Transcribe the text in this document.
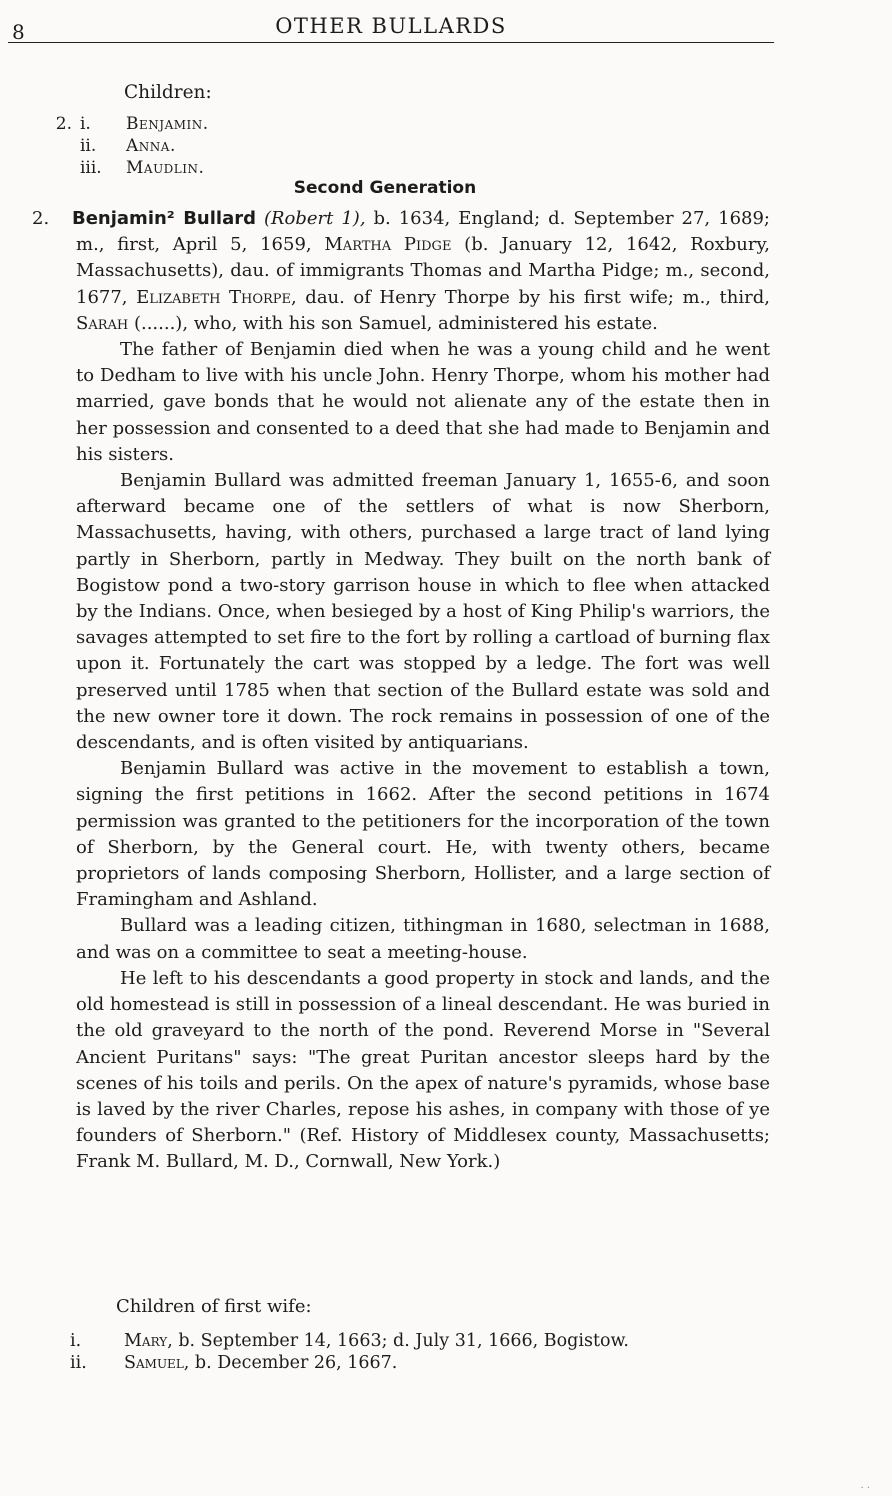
8	OTHER BULLARDS
Children:
2. i.	Benjamin.
ii.	Anna.
iii.	Maudlin.
Second Generation

2. Benjamin² Bullard (Robert 1), b. 1634, England; d. September 27, 1689; m., first, April 5, 1659, Martha Pidge (b. January 12, 1642, Roxbury, Massachusetts), dau. of immigrants Thomas and Martha Pidge; m., second, 1677, Elizabeth Thorpe, dau. of Henry Thorpe by his first wife; m., third, Sarah (......), who, with his son Samuel, administered his estate.

The father of Benjamin died when he was a young child and he went to Dedham to live with his uncle John. Henry Thorpe, whom his mother had married, gave bonds that he would not alienate any of the estate then in her possession and consented to a deed that she had made to Benjamin and his sisters.

Benjamin Bullard was admitted freeman January 1, 1655-6, and soon afterward became one of the settlers of what is now Sherborn, Massachusetts, having, with others, purchased a large tract of land lying partly in Sherborn, partly in Medway. They built on the north bank of Bogistow pond a two-story garrison house in which to flee when attacked by the Indians. Once, when besieged by a host of King Philip's warriors, the savages attempted to set fire to the fort by rolling a cartload of burning flax upon it. Fortunately the cart was stopped by a ledge. The fort was well preserved until 1785 when that section of the Bullard estate was sold and the new owner tore it down. The rock remains in possession of one of the descendants, and is often visited by antiquarians.

Benjamin Bullard was active in the movement to establish a town, signing the first petitions in 1662. After the second petitions in 1674 permission was granted to the petitioners for the incorporation of the town of Sherborn, by the General court. He, with twenty others, became proprietors of lands composing Sherborn, Hollister, and a large section of Framingham and Ashland.

Bullard was a leading citizen, tithingman in 1680, selectman in 1688, and was on a committee to seat a meeting-house.

He left to his descendants a good property in stock and lands, and the old homestead is still in possession of a lineal descendant. He was buried in the old graveyard to the north of the pond. Reverend Morse in "Several Ancient Puritans" says: "The great Puritan ancestor sleeps hard by the scenes of his toils and perils. On the apex of nature's pyramids, whose base is laved by the river Charles, repose his ashes, in company with those of ye founders of Sherborn." (Ref. History of Middlesex county, Massachusetts; Frank M. Bullard, M. D., Cornwall, New York.)

Children of first wife:
i.	Mary, b. September 14, 1663; d. July 31, 1666, Bogistow.
ii.	Samuel, b. December 26, 1667.
. .
